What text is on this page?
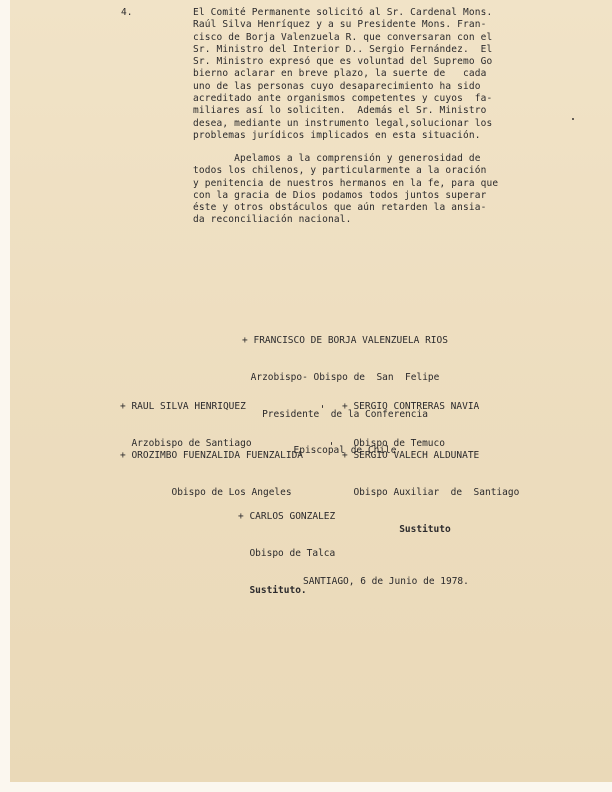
4.	El Comité Permanente solicitó al Sr. Cardenal Mons.
Raúl Silva Henríquez y a su Presidente Mons. Fran-
cisco de Borja Valenzuela R. que conversaran con el
Sr. Ministro del Interior D.. Sergio Fernández.  El
Sr. Ministro expresó que es voluntad del Supremo Go
bierno aclarar en breve plazo, la suerte de   cada
uno de las personas cuyo desaparecimiento ha sido
acreditado ante organismos competentes y cuyos  fa-
miliares así lo soliciten.  Además el Sr. Ministro
desea, mediante un instrumento legal,solucionar los
problemas jurídicos implicados en esta situación.
Apelamos a la comprensión y generosidad de
todos los chilenos, y particularmente a la oración
y penitencia de nuestros hermanos en la fe, para que
con la gracia de Dios podamos todos juntos superar
éste y otros obstáculos que aún retarden la ansia-
da reconciliación nacional.

+ FRANCISCO DE BORJA VALENZUELA RIOS

Arzobispo- Obispo de  San  Felipe

Presidente  de la Conferencia

Episcopal de Chile

+ RAUL SILVA HENRIQUEZ

Arzobispo de Santiago

+ SERGIO CONTRERAS NAVIA

Obispo de Temuco

+ OROZIMBO FUENZALIDA FUENZALIDA

Obispo de Los Angeles

+ SERGIO VALECH ALDUNATE

Obispo Auxiliar  de  Santiago

Sustituto

+ CARLOS GONZALEZ

Obispo de Talca

Sustituto.

SANTIAGO, 6 de Junio de 1978.
